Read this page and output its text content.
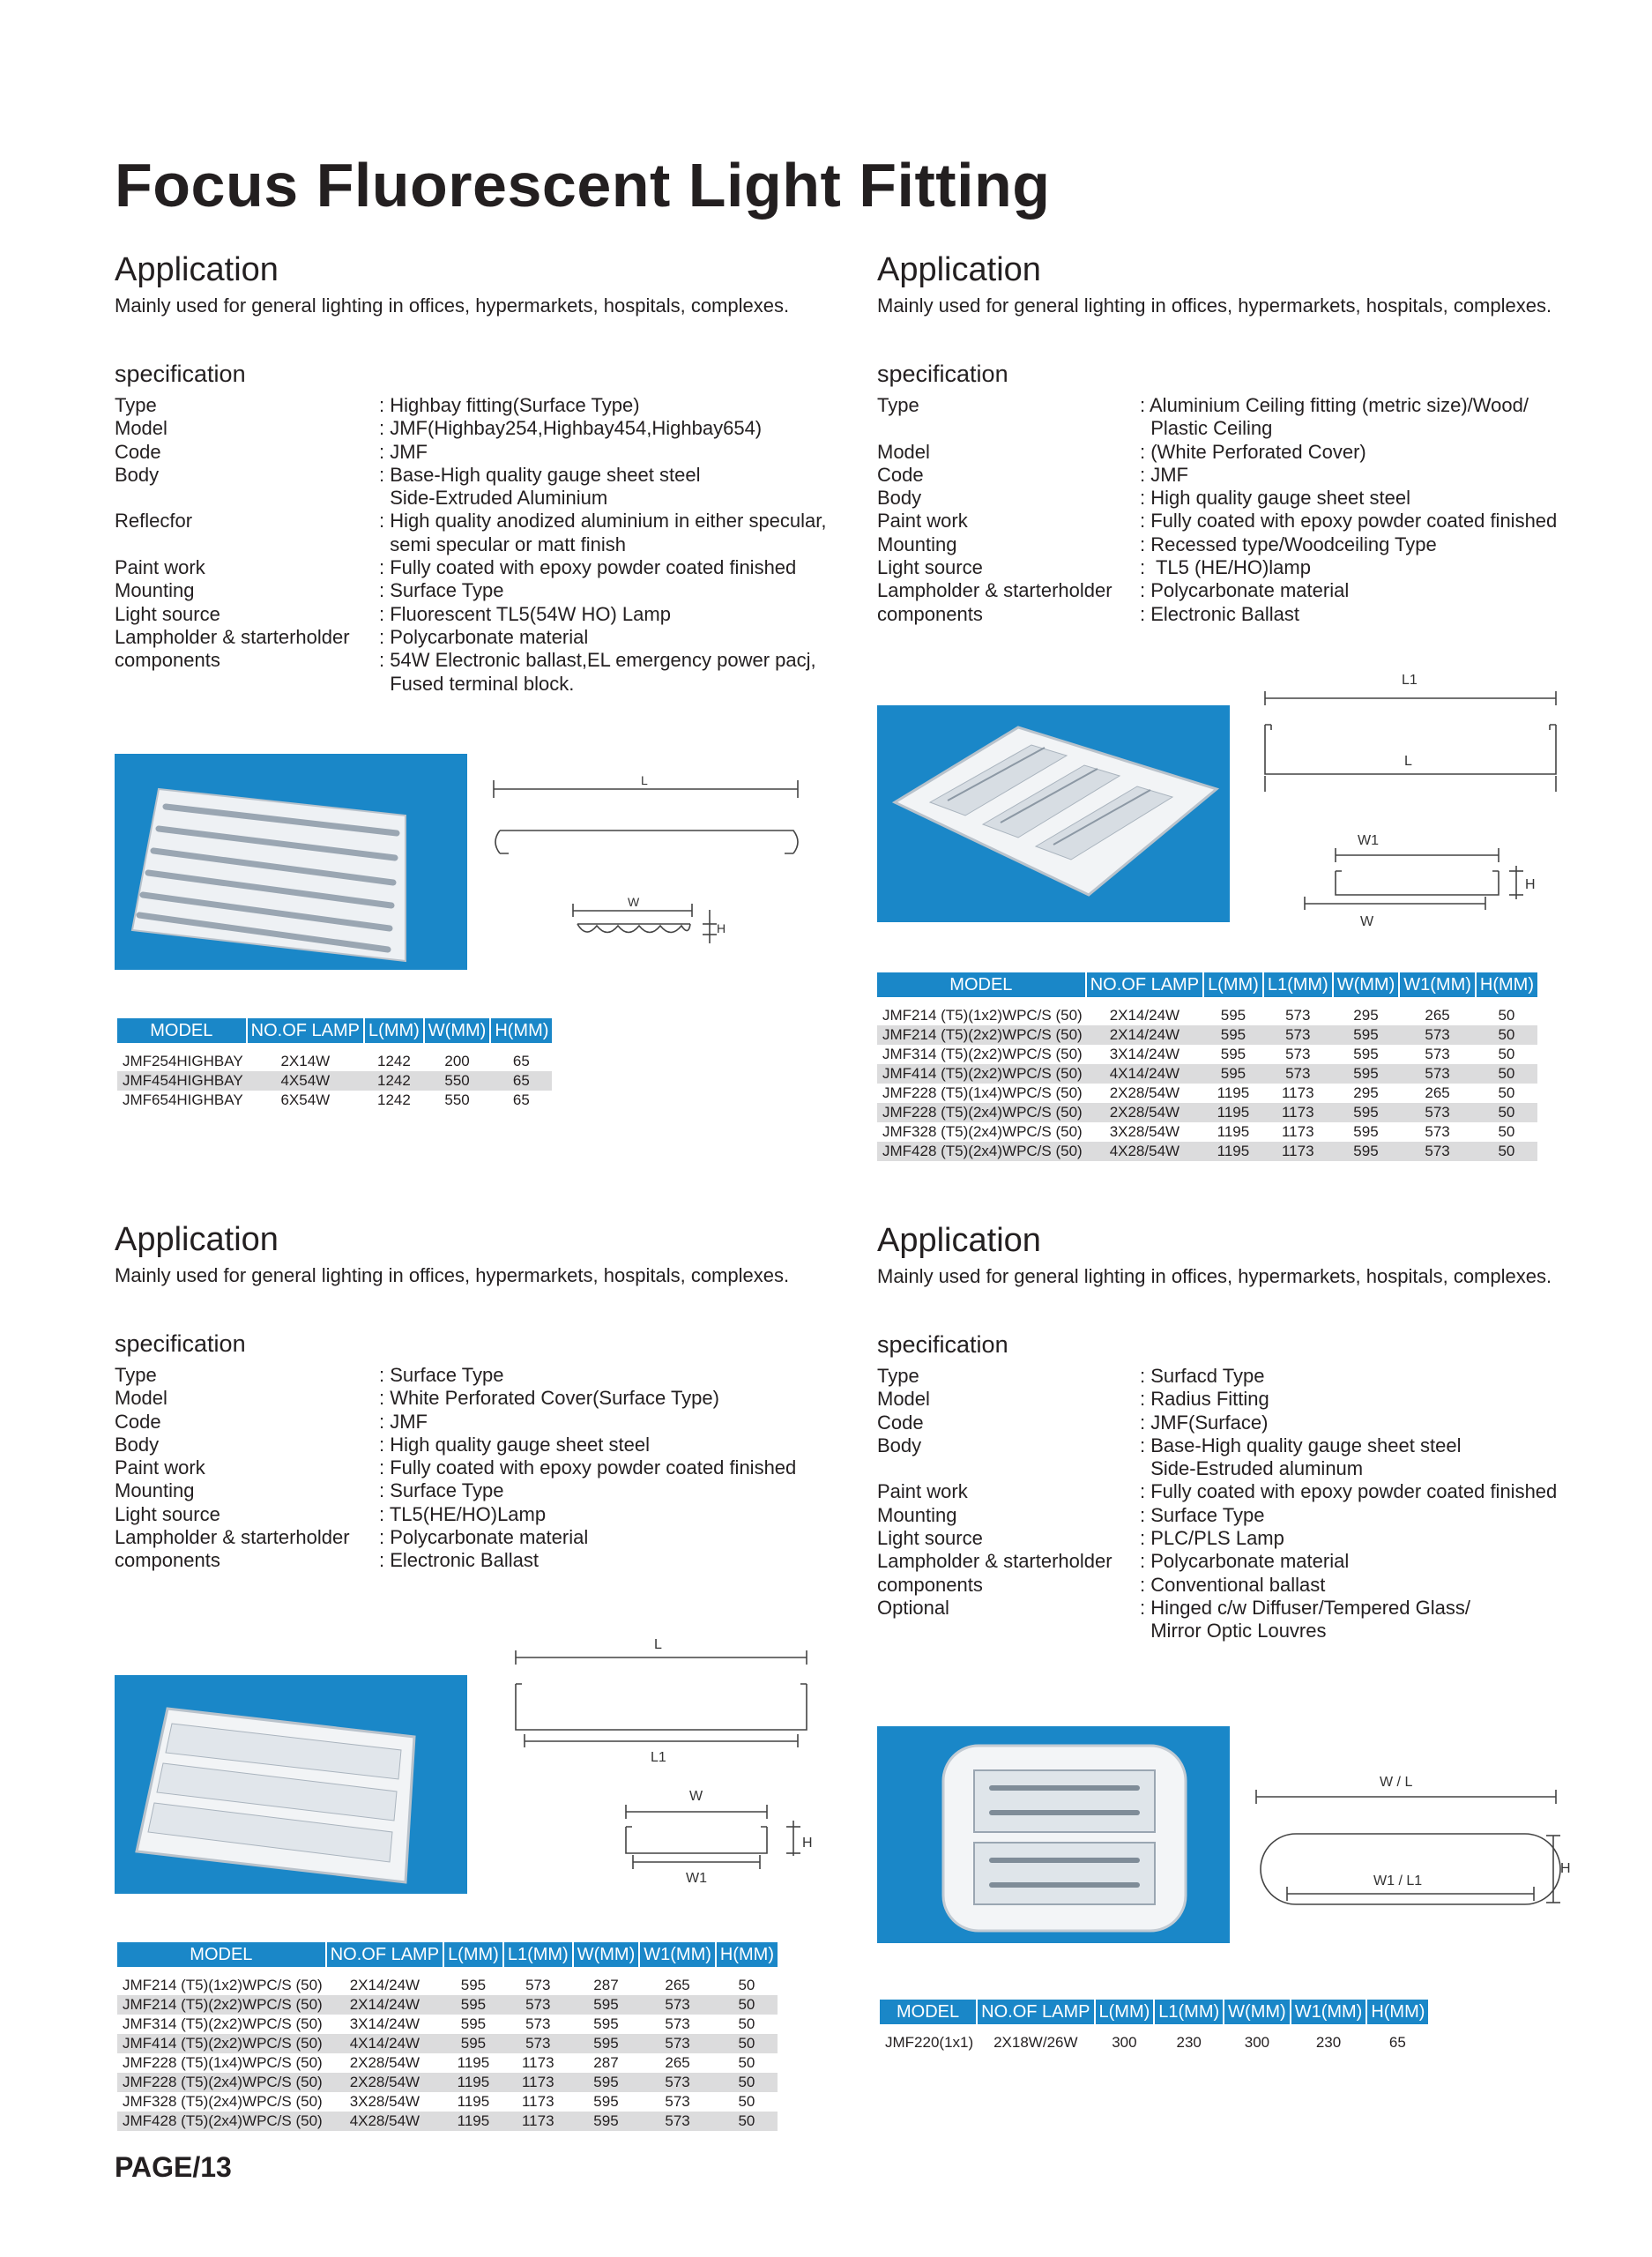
Focus Fluorescent Light Fitting
Application
Mainly used for general lighting in offices, hypermarkets, hospitals, complexes.
specification
Type	: Highbay fitting(Surface Type)
Model	: JMF(Highbay254,Highbay454,Highbay654)
Code	: JMF
Body	: Base-High quality gauge sheet steel
Side-Extruded Aluminium
Reflecfor	: High quality anodized aluminium in either specular,
semi specular or matt finish
Paint work	: Fully coated with epoxy powder coated finished
Mounting	: Surface Type
Light source	: Fluorescent TL5(54W HO) Lamp
Lampholder & starterholder : Polycarbonate material
components	: 54W Electronic ballast,EL emergency power pacj,
Fused terminal block.
L
W
H
MODEL	NO.OF LAMP	L(MM)	W(MM)	H(MM)

JMF254HIGHBAY	2X14W	1242	200	65
JMF454HIGHBAY	4X54W	1242	550	65
JMF654HIGHBAY	6X54W	1242	550	65
Application
Mainly used for general lighting in offices, hypermarkets, hospitals, complexes.
specification
Type	: Aluminium Ceiling fitting (metric size)/Wood/
Plastic Ceiling
Model	: (White Perforated Cover)
Code	: JMF
Body	: High quality gauge sheet steel
Paint work	: Fully coated with epoxy powder coated finished
Mounting	: Recessed type/Woodceiling Type
Light source	:  TL5 (HE/HO)lamp
Lampholder & starterholder : Polycarbonate material
components	: Electronic Ballast
L1
L
W1
W
H
MODEL	NO.OF LAMP	L(MM)	L1(MM)	W(MM)	W1(MM)	H(MM)

JMF214 (T5)(1x2)WPC/S (50)	2X14/24W	595	573	295	265	50
JMF214 (T5)(2x2)WPC/S (50)	2X14/24W	595	573	595	573	50
JMF314 (T5)(2x2)WPC/S (50)	3X14/24W	595	573	595	573	50
JMF414 (T5)(2x2)WPC/S (50)	4X14/24W	595	573	595	573	50
JMF228 (T5)(1x4)WPC/S (50)	2X28/54W	1195	1173	295	265	50
JMF228 (T5)(2x4)WPC/S (50)	2X28/54W	1195	1173	595	573	50
JMF328 (T5)(2x4)WPC/S (50)	3X28/54W	1195	1173	595	573	50
JMF428 (T5)(2x4)WPC/S (50)	4X28/54W	1195	1173	595	573	50
Application
Mainly used for general lighting in offices, hypermarkets, hospitals, complexes.
specification
Type	: Surface Type
Model	: White Perforated Cover(Surface Type)
Code	: JMF
Body	: High quality gauge sheet steel
Paint work	: Fully coated with epoxy powder coated finished
Mounting	: Surface Type
Light source	: TL5(HE/HO)Lamp
Lampholder & starterholder : Polycarbonate material
components	: Electronic Ballast
L
L1
W
W1
H
MODEL	NO.OF LAMP	L(MM)	L1(MM)	W(MM)	W1(MM)	H(MM)

JMF214 (T5)(1x2)WPC/S (50)	2X14/24W	595	573	287	265	50
JMF214 (T5)(2x2)WPC/S (50)	2X14/24W	595	573	595	573	50
JMF314 (T5)(2x2)WPC/S (50)	3X14/24W	595	573	595	573	50
JMF414 (T5)(2x2)WPC/S (50)	4X14/24W	595	573	595	573	50
JMF228 (T5)(1x4)WPC/S (50)	2X28/54W	1195	1173	287	265	50
JMF228 (T5)(2x4)WPC/S (50)	2X28/54W	1195	1173	595	573	50
JMF328 (T5)(2x4)WPC/S (50)	3X28/54W	1195	1173	595	573	50
JMF428 (T5)(2x4)WPC/S (50)	4X28/54W	1195	1173	595	573	50
Application
Mainly used for general lighting in offices, hypermarkets, hospitals, complexes.
specification
Type	: Surfacd Type
Model	: Radius Fitting
Code	: JMF(Surface)
Body	: Base-High quality gauge sheet steel
Side-Estruded aluminum
Paint work	: Fully coated with epoxy powder coated finished
Mounting	: Surface Type
Light source	: PLC/PLS Lamp
Lampholder & starterholder : Polycarbonate material
components	: Conventional ballast
Optional	: Hinged c/w Diffuser/Tempered Glass/
Mirror Optic Louvres
W / L
W1 / L1
H
MODEL	NO.OF LAMP	L(MM)	L1(MM)	W(MM)	W1(MM)	H(MM)

JMF220(1x1)	2X18W/26W	300	230	300	230	65
PAGE/13
